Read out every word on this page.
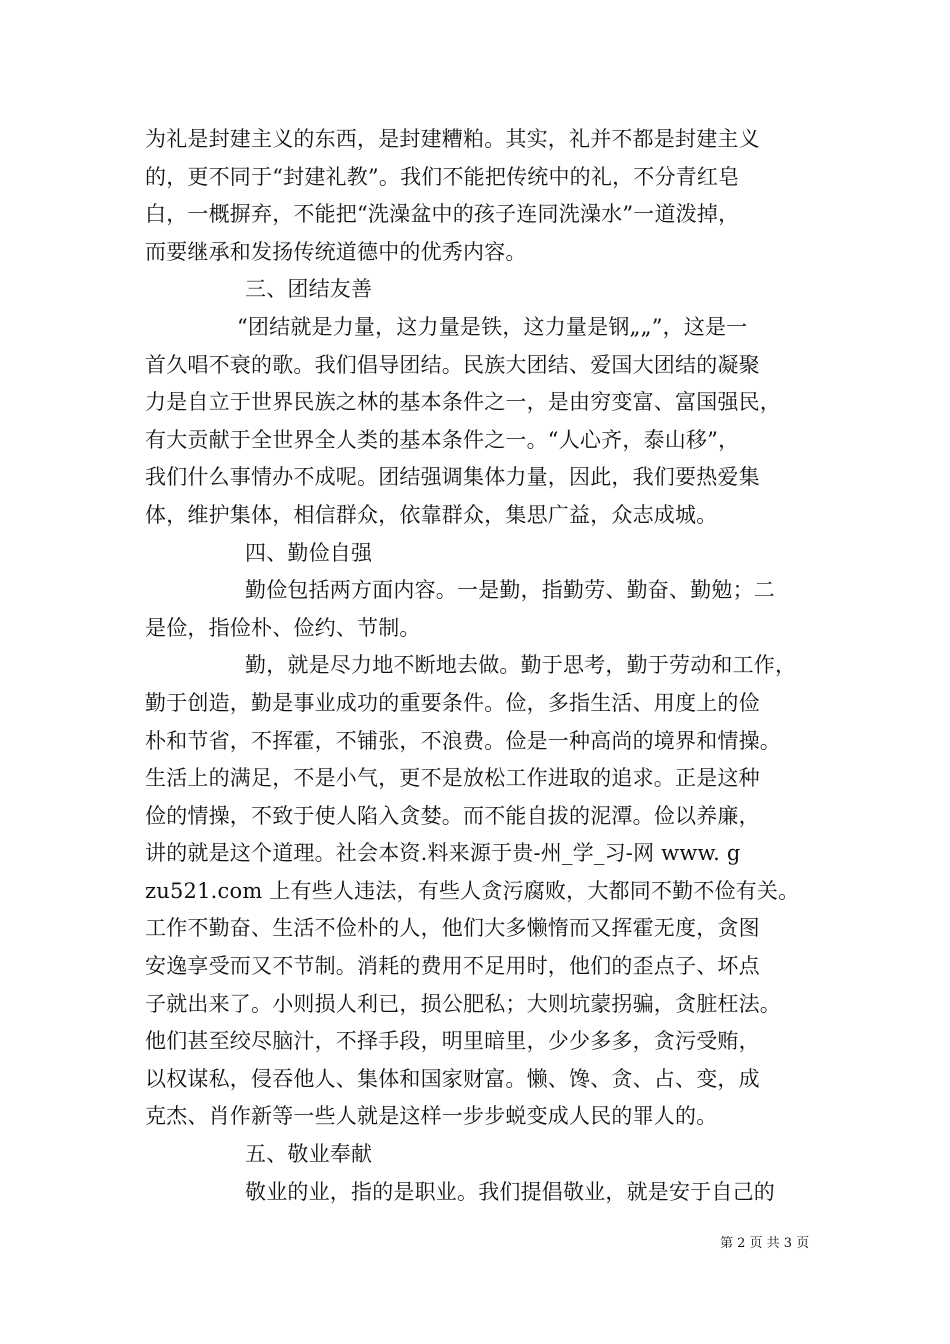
为礼是封建主义的东西，是封建糟粕。其实，礼并不都是封建主义
的，更不同于“封建礼教”。我们不能把传统中的礼，不分青红皂
白，一概摒弃，不能把“洗澡盆中的孩子连同洗澡水”一道泼掉，
而要继承和发扬传统道德中的优秀内容。
三、团结友善
“团结就是力量，这力量是铁，这力量是钢„„”，这是一
首久唱不衰的歌。我们倡导团结。民族大团结、爱国大团结的凝聚
力是自立于世界民族之林的基本条件之一，是由穷变富、富国强民，
有大贡献于全世界全人类的基本条件之一。“人心齐，泰山移”，
我们什么事情办不成呢。团结强调集体力量，因此，我们要热爱集
体，维护集体，相信群众，依靠群众，集思广益，众志成城。
四、勤俭自强
勤俭包括两方面内容。一是勤，指勤劳、勤奋、勤勉；二
是俭，指俭朴、俭约、节制。
勤，就是尽力地不断地去做。勤于思考，勤于劳动和工作，
勤于创造，勤是事业成功的重要条件。俭，多指生活、用度上的俭
朴和节省，不挥霍，不铺张，不浪费。俭是一种高尚的境界和情操。
生活上的满足，不是小气，更不是放松工作进取的追求。正是这种
俭的情操，不致于使人陷入贪婪。而不能自拔的泥潭。俭以养廉，
讲的就是这个道理。社会本资.料来源于贵-州_学_习-网 www. g
zu521.com 上有些人违法，有些人贪污腐败，大都同不勤不俭有关。
工作不勤奋、生活不俭朴的人，他们大多懒惰而又挥霍无度，贪图
安逸享受而又不节制。消耗的费用不足用时，他们的歪点子、坏点
子就出来了。小则损人利已，损公肥私；大则坑蒙拐骗，贪脏枉法。
他们甚至绞尽脑汁，不择手段，明里暗里，少少多多，贪污受贿，
以权谋私，侵吞他人、集体和国家财富。懒、馋、贪、占、变，成
克杰、肖作新等一些人就是这样一步步蜕变成人民的罪人的。
五、敬业奉献
敬业的业，指的是职业。我们提倡敬业，就是安于自己的
第 2 页 共 3 页
